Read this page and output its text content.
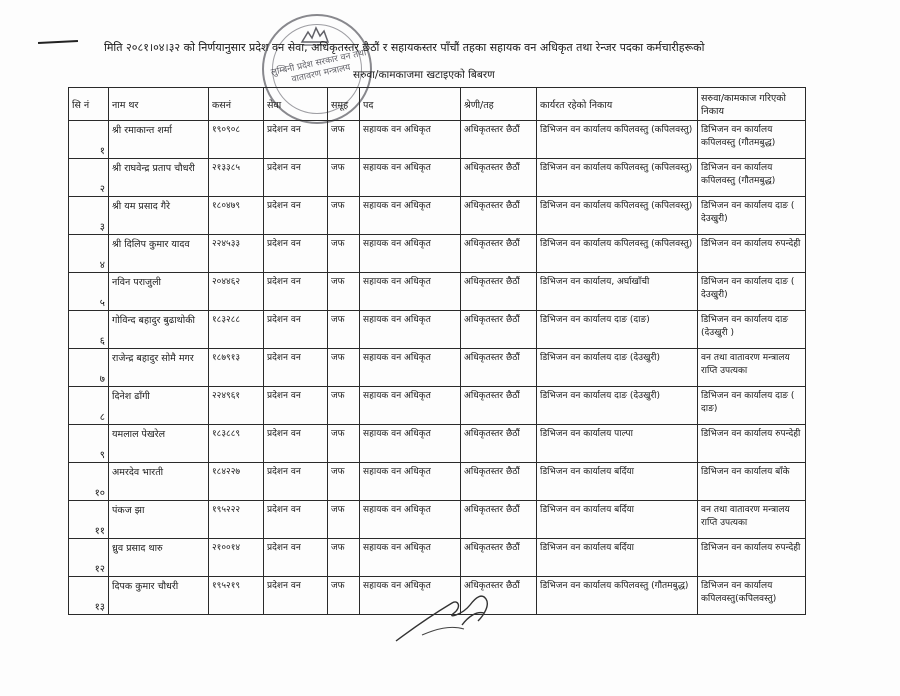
लुम्बिनी प्रदेश सरकार वन तथा वातावरण मन्त्रालय
मिति २०८१।०४।३२ को निर्णयानुसार प्रदेश वन सेवा, अधिकृतस्तर छैठौं र सहायकस्तर पाँचौं तहका सहायक वन अधिकृत तथा रेन्जर पदका कर्मचारीहरूको
सरुवा/कामकाजमा खटाइएको बिबरण
सि नं	नाम थर	कसनं	सेवा	समूह	पद	श्रेणी/तह	कार्यरत रहेको निकाय	सरुवा/कामकाज गरिएको निकाय
१	श्री रमाकान्त शर्मा	१९०९०८	प्रदेशन वन	जफ	सहायक वन अधिकृत	अधिकृतस्तर छैठौं	डिभिजन वन कार्यालय कपिलवस्तु (कपिलवस्तु)	डिभिजन वन कार्यालय कपिलवस्तु (गौतमबुद्ध)
२	श्री राघवेन्द्र प्रताप चौधरी	२१३३८५	प्रदेशन वन	जफ	सहायक वन अधिकृत	अधिकृतस्तर छैठौं	डिभिजन वन कार्यालय कपिलवस्तु (कपिलवस्तु)	डिभिजन वन कार्यालय कपिलवस्तु (गौतमबुद्ध)
३	श्री यम प्रसाद गैरे	१८०४७९	प्रदेशन वन	जफ	सहायक वन अधिकृत	अधिकृतस्तर छैठौं	डिभिजन वन कार्यालय कपिलवस्तु (कपिलवस्तु)	डिभिजन वन कार्यालय दाङ ( देउखुरी)
४	श्री दिलिप कुमार यादव	२२४५३३	प्रदेशन वन	जफ	सहायक वन अधिकृत	अधिकृतस्तर छैठौं	डिभिजन वन कार्यालय कपिलवस्तु (कपिलवस्तु)	डिभिजन वन कार्यालय रुपन्देही
५	नविन पराजुली	२०४४६२	प्रदेशन वन	जफ	सहायक वन अधिकृत	अधिकृतस्तर छैठौं	डिभिजन वन कार्यालय, अर्घाखाँची	डिभिजन वन कार्यालय दाङ ( देउखुरी)
६	गोविन्द बहादुर बुढाथोकी	१८३२८८	प्रदेशन वन	जफ	सहायक वन अधिकृत	अधिकृतस्तर छैठौं	डिभिजन वन कार्यालय दाङ (दाङ)	डिभिजन वन कार्यालय दाङ (देउखुरी )
७	राजेन्द्र बहादुर सोमै मगर	१८७९१३	प्रदेशन वन	जफ	सहायक वन अधिकृत	अधिकृतस्तर छैठौं	डिभिजन वन कार्यालय दाङ (देउखुरी)	वन तथा वातावरण मन्त्रालय राप्ति उपत्यका
८	दिनेश ढाँगी	२२४९६१	प्रदेशन वन	जफ	सहायक वन अधिकृत	अधिकृतस्तर छैठौं	डिभिजन वन कार्यालय दाङ (देउखुरी)	डिभिजन वन कार्यालय दाङ ( दाङ)
९	यमलाल पेखरेल	१८३८८९	प्रदेशन वन	जफ	सहायक वन अधिकृत	अधिकृतस्तर छैठौं	डिभिजन वन कार्यालय पाल्पा	डिभिजन वन कार्यालय रुपन्देही
१०	अमरदेव भारती	१८४२२७	प्रदेशन वन	जफ	सहायक वन अधिकृत	अधिकृतस्तर छैठौं	डिभिजन वन कार्यालय बर्दिया	डिभिजन वन कार्यालय बाँके
११	पंकज झा	१९५२२२	प्रदेशन वन	जफ	सहायक वन अधिकृत	अधिकृतस्तर छैठौं	डिभिजन वन कार्यालय बर्दिया	वन तथा वातावरण मन्त्रालय राप्ति उपत्यका
१२	ध्रुव प्रसाद थारु	२१००१४	प्रदेशन वन	जफ	सहायक वन अधिकृत	अधिकृतस्तर छैठौं	डिभिजन वन कार्यालय बर्दिया	डिभिजन वन कार्यालय रुपन्देही
१३	दिपक कुमार चौधरी	१९५२१९	प्रदेशन वन	जफ	सहायक वन अधिकृत	अधिकृतस्तर छैठौं	डिभिजन वन कार्यालय कपिलवस्तु (गौतमबुद्ध)	डिभिजन वन कार्यालय कपिलवस्तु(कपिलवस्तु)
